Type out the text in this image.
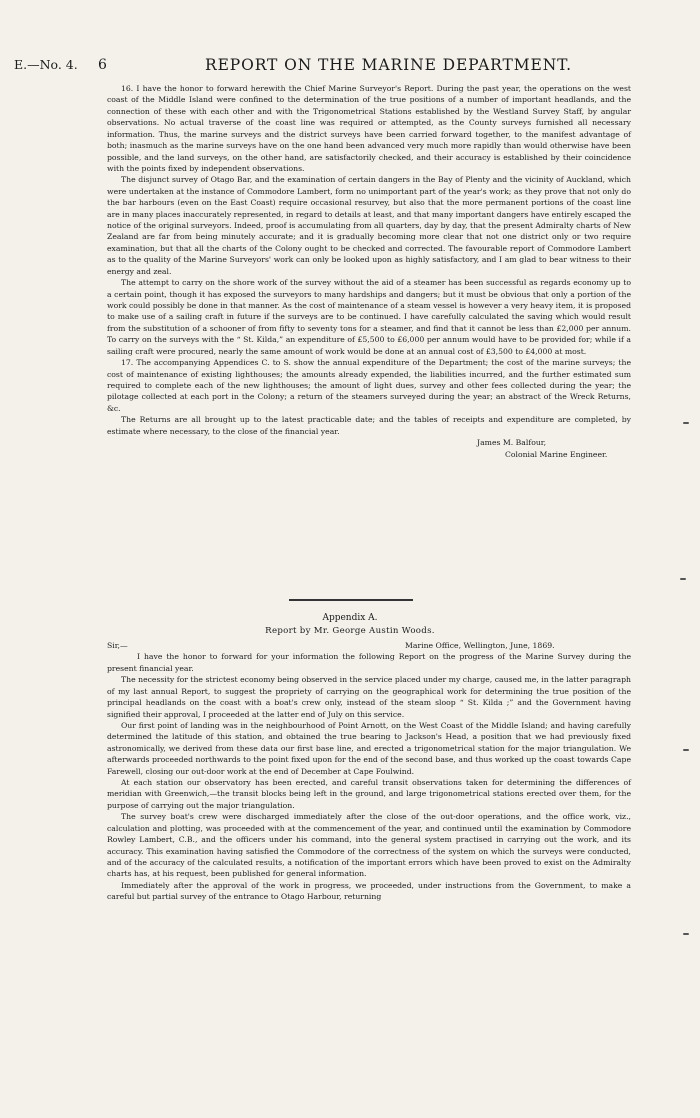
E.—No. 4. 6	REPORT ON THE MARINE DEPARTMENT.

16. I have the honor to forward herewith the Chief Marine Surveyor's Report. During the past year, the operations on the west coast of the Middle Island were confined to the determination of the true positions of a number of important headlands, and the connection of these with each other and with the Trigonometrical Stations established by the Westland Survey Staff, by angular observations. No actual traverse of the coast line was required or attempted, as the County surveys furnished all necessary information. Thus, the marine surveys and the district surveys have been carried forward together, to the manifest advantage of both; inasmuch as the marine surveys have on the one hand been advanced very much more rapidly than would otherwise have been possible, and the land surveys, on the other hand, are satisfactorily checked, and their accuracy is established by their coincidence with the points fixed by independent observations.

The disjunct survey of Otago Bar, and the examination of certain dangers in the Bay of Plenty and the vicinity of Auckland, which were undertaken at the instance of Commodore Lambert, form no unimportant part of the year's work; as they prove that not only do the bar harbours (even on the East Coast) require occasional resurvey, but also that the more permanent portions of the coast line are in many places inaccurately represented, in regard to details at least, and that many important dangers have entirely escaped the notice of the original surveyors. Indeed, proof is accumulating from all quarters, day by day, that the present Admiralty charts of New Zealand are far from being minutely accurate; and it is gradually becoming more clear that not one district only or two require examination, but that all the charts of the Colony ought to be checked and corrected. The favourable report of Commodore Lambert as to the quality of the Marine Surveyors' work can only be looked upon as highly satisfactory, and I am glad to bear witness to their energy and zeal.

The attempt to carry on the shore work of the survey without the aid of a steamer has been successful as regards economy up to a certain point, though it has exposed the surveyors to many hardships and dangers; but it must be obvious that only a portion of the work could possibly be done in that manner. As the cost of maintenance of a steam vessel is however a very heavy item, it is proposed to make use of a sailing craft in future if the surveys are to be continued. I have carefully calculated the saving which would result from the substitution of a schooner of from fifty to seventy tons for a steamer, and find that it cannot be less than £2,000 per annum. To carry on the surveys with the “ St. Kilda,” an expenditure of £5,500 to £6,000 per annum would have to be provided for; while if a sailing craft were procured, nearly the same amount of work would be done at an annual cost of £3,500 to £4,000 at most.

17. The accompanying Appendices C. to S. show the annual expenditure of the Department; the cost of the marine surveys; the cost of maintenance of existing lighthouses; the amounts already expended, the liabilities incurred, and the further estimated sum required to complete each of the new lighthouses; the amount of light dues, survey and other fees collected during the year; the pilotage collected at each port in the Colony; a return of the steamers surveyed during the year; an abstract of the Wreck Returns, &c.

The Returns are all brought up to the latest practicable date; and the tables of receipts and expenditure are completed, by estimate where necessary, to the close of the financial year.

James M. Balfour,

Colonial Marine Engineer.

Appendix A.
Report by Mr. George Austin Woods.
Sir,—	Marine Office, Wellington, June, 1869.

I have the honor to forward for your information the following Report on the progress of the Marine Survey during the present financial year.

The necessity for the strictest economy being observed in the service placed under my charge, caused me, in the latter paragraph of my last annual Report, to suggest the propriety of carrying on the geographical work for determining the true position of the principal headlands on the coast with a boat's crew only, instead of the steam sloop “ St. Kilda ;” and the Government having signified their approval, I proceeded at the latter end of July on this service.

Our first point of landing was in the neighbourhood of Point Arnott, on the West Coast of the Middle Island; and having carefully determined the latitude of this station, and obtained the true bearing to Jackson's Head, a position that we had previously fixed astronomically, we derived from these data our first base line, and erected a trigonometrical station for the major triangulation. We afterwards proceeded northwards to the point fixed upon for the end of the second base, and thus worked up the coast towards Cape Farewell, closing our out-door work at the end of December at Cape Foulwind.

At each station our observatory has been erected, and careful transit observations taken for determining the differences of meridian with Greenwich,—the transit blocks being left in the ground, and large trigonometrical stations erected over them, for the purpose of carrying out the major triangulation.

The survey boat's crew were discharged immediately after the close of the out-door operations, and the office work, viz., calculation and plotting, was proceeded with at the commencement of the year, and continued until the examination by Commodore Rowley Lambert, C.B., and the officers under his command, into the general system practised in carrying out the work, and its accuracy. This examination having satisfied the Commodore of the correctness of the system on which the surveys were conducted, and of the accuracy of the calculated results, a notification of the important errors which have been proved to exist on the Admiralty charts has, at his request, been published for general information.

Immediately after the approval of the work in progress, we proceeded, under instructions from the Government, to make a careful but partial survey of the entrance to Otago Harbour, returning
